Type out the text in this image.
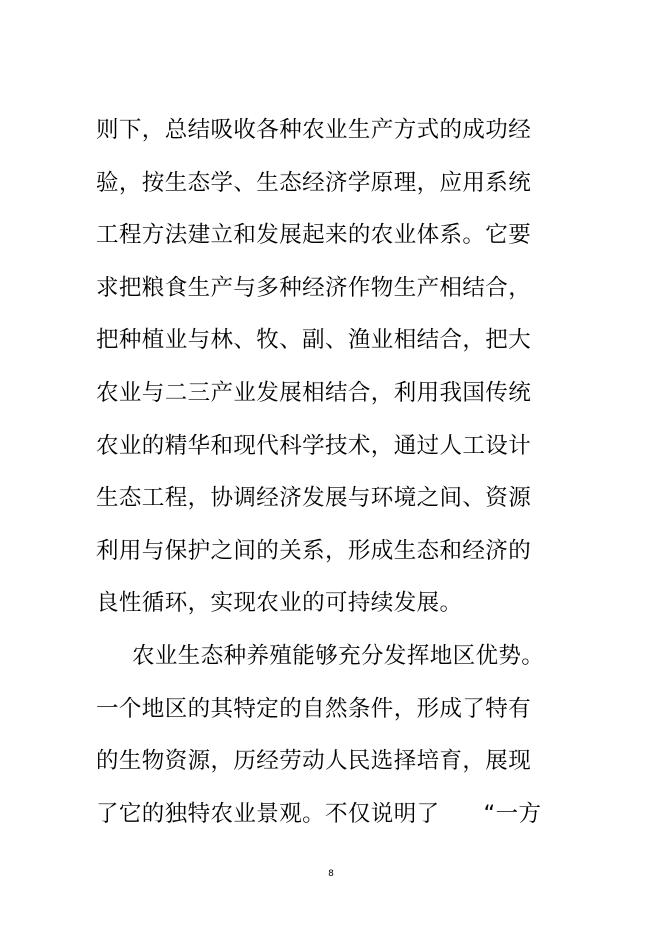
则下，总结吸收各种农业生产方式的成功经
验，按生态学、生态经济学原理，应用系统
工程方法建立和发展起来的农业体系。它要
求把粮食生产与多种经济作物生产相结合，
把种植业与林、牧、副、渔业相结合，把大
农业与二三产业发展相结合，利用我国传统
农业的精华和现代科学技术，通过人工设计
生态工程，协调经济发展与环境之间、资源
利用与保护之间的关系，形成生态和经济的
良性循环，实现农业的可持续发展。
农业生态种养殖能够充分发挥地区优势。
一个地区的其特定的自然条件，形成了特有
的生物资源，历经劳动人民选择培育，展现
了它的独特农业景观。不仅说明了 “一方
8
